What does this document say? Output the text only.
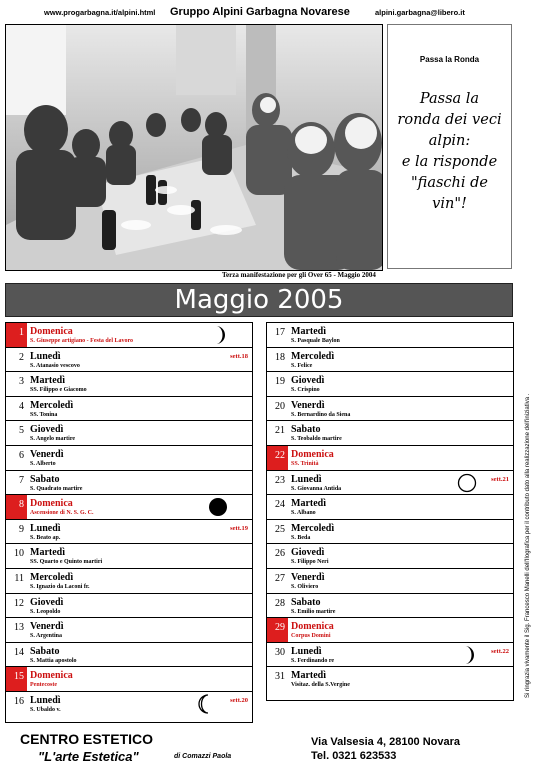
www.progarbagna.it/alpini.html Gruppo Alpini Garbagna Novarese	alpini.garbagna@libero.it
Passa la Ronda
Passa la
ronda dei veci
alpin:
e la risponde
"fiaschi de
vin"!
Terza manifestazione per gli Over 65 - Maggio 2004
Maggio 2005
1 Domenica
S. Giuseppe artigiano - Festa del Lavoro
2 Lunedì
S. Atanasio vescovo
sett.18
3 Martedì
SS. Filippo e Giacomo
4 Mercoledì
SS. Tonina
5 Giovedì
S. Angelo martire
6 Venerdì
S. Alberto
7 Sabato
S. Quadrato martire
8 Domenica
Ascensione di N. S. G. C.
9 Lunedì
S. Beato ap.
sett.19
10 Martedì
SS. Quarto e Quinto martiri
11 Mercoledì
S. Ignazio da Laconi fr.
12 Giovedì
S. Leopoldo
13 Venerdì
S. Argentina
14 Sabato
S. Mattia apostolo
15 Domenica
Pentecoste
16 Lunedì
S. Ubaldo v.
sett.20
17 Martedì
S. Pasquale Baylon
18 Mercoledì
S. Felice
19 Giovedì
S. Crispino
20 Venerdì
S. Bernardino da Siena
21 Sabato
S. Teobaldo martire
22 Domenica
SS. Trinità
23 Lunedì
S. Giovanna Antida
sett.21
24 Martedì
S. Albano
25 Mercoledì
S. Beda
26 Giovedì
S. Filippo Neri
27 Venerdì
S. Oliviero
28 Sabato
S. Emilio martire
29 Domenica
Corpus Domini
30 Lunedì
S. Ferdinando re
sett.22
31 Martedì
Visitaz. della S.Vergine	Si ringrazia vivamente il Sig. Francesco Manelli dell'Ilografica per il contributo dato alla realizzazione dell'iniziativa .
CENTRO ESTETICO
"L'arte Estetica"	di Comazzi Paola
Via Valsesia 4, 28100 Novara
Tel. 0321 623533
